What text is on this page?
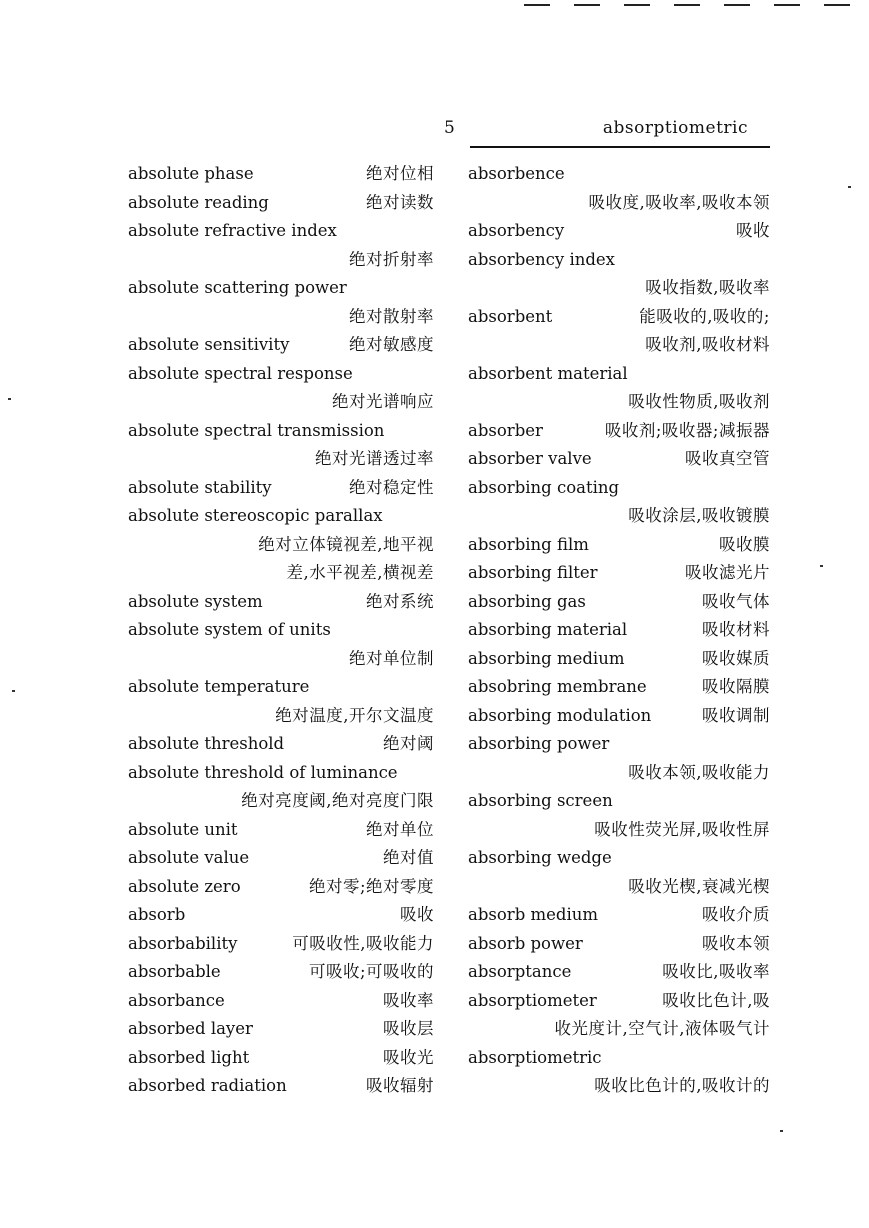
5	absorptiometric
absolute phase	绝对位相
absolute reading	绝对读数
absolute refractive index
绝对折射率
absolute scattering power
绝对散射率
absolute sensitivity	绝对敏感度
absolute spectral response
绝对光谱响应
absolute spectral transmission
绝对光谱透过率
absolute stability	绝对稳定性
absolute stereoscopic parallax
绝对立体镜视差,地平视
差,水平视差,横视差
absolute system	绝对系统
absolute system of units
绝对单位制
absolute temperature
绝对温度,开尔文温度
absolute threshold	绝对阈
absolute threshold of luminance
绝对亮度阈,绝对亮度门限
absolute unit	绝对单位
absolute value	绝对值
absolute zero	绝对零;绝对零度
absorb	吸收
absorbability	可吸收性,吸收能力
absorbable	可吸收;可吸收的
absorbance	吸收率
absorbed layer	吸收层
absorbed light	吸收光
absorbed radiation	吸收辐射
absorbence
吸收度,吸收率,吸收本领
absorbency	吸收
absorbency index
吸收指数,吸收率
absorbent	能吸收的,吸收的;
吸收剂,吸收材料
absorbent material
吸收性物质,吸收剂
absorber	吸收剂;吸收器;减振器
absorber valve	吸收真空管
absorbing coating
吸收涂层,吸收镀膜
absorbing film	吸收膜
absorbing filter	吸收滤光片
absorbing gas	吸收气体
absorbing material	吸收材料
absorbing medium	吸收媒质
absobring membrane	吸收隔膜
absorbing modulation	吸收调制
absorbing power
吸收本领,吸收能力
absorbing screen
吸收性荧光屏,吸收性屏
absorbing wedge
吸收光楔,衰减光楔
absorb medium	吸收介质
absorb power	吸收本领
absorptance	吸收比,吸收率
absorptiometer	吸收比色计,吸
收光度计,空气计,液体吸气计
absorptiometric
吸收比色计的,吸收计的
